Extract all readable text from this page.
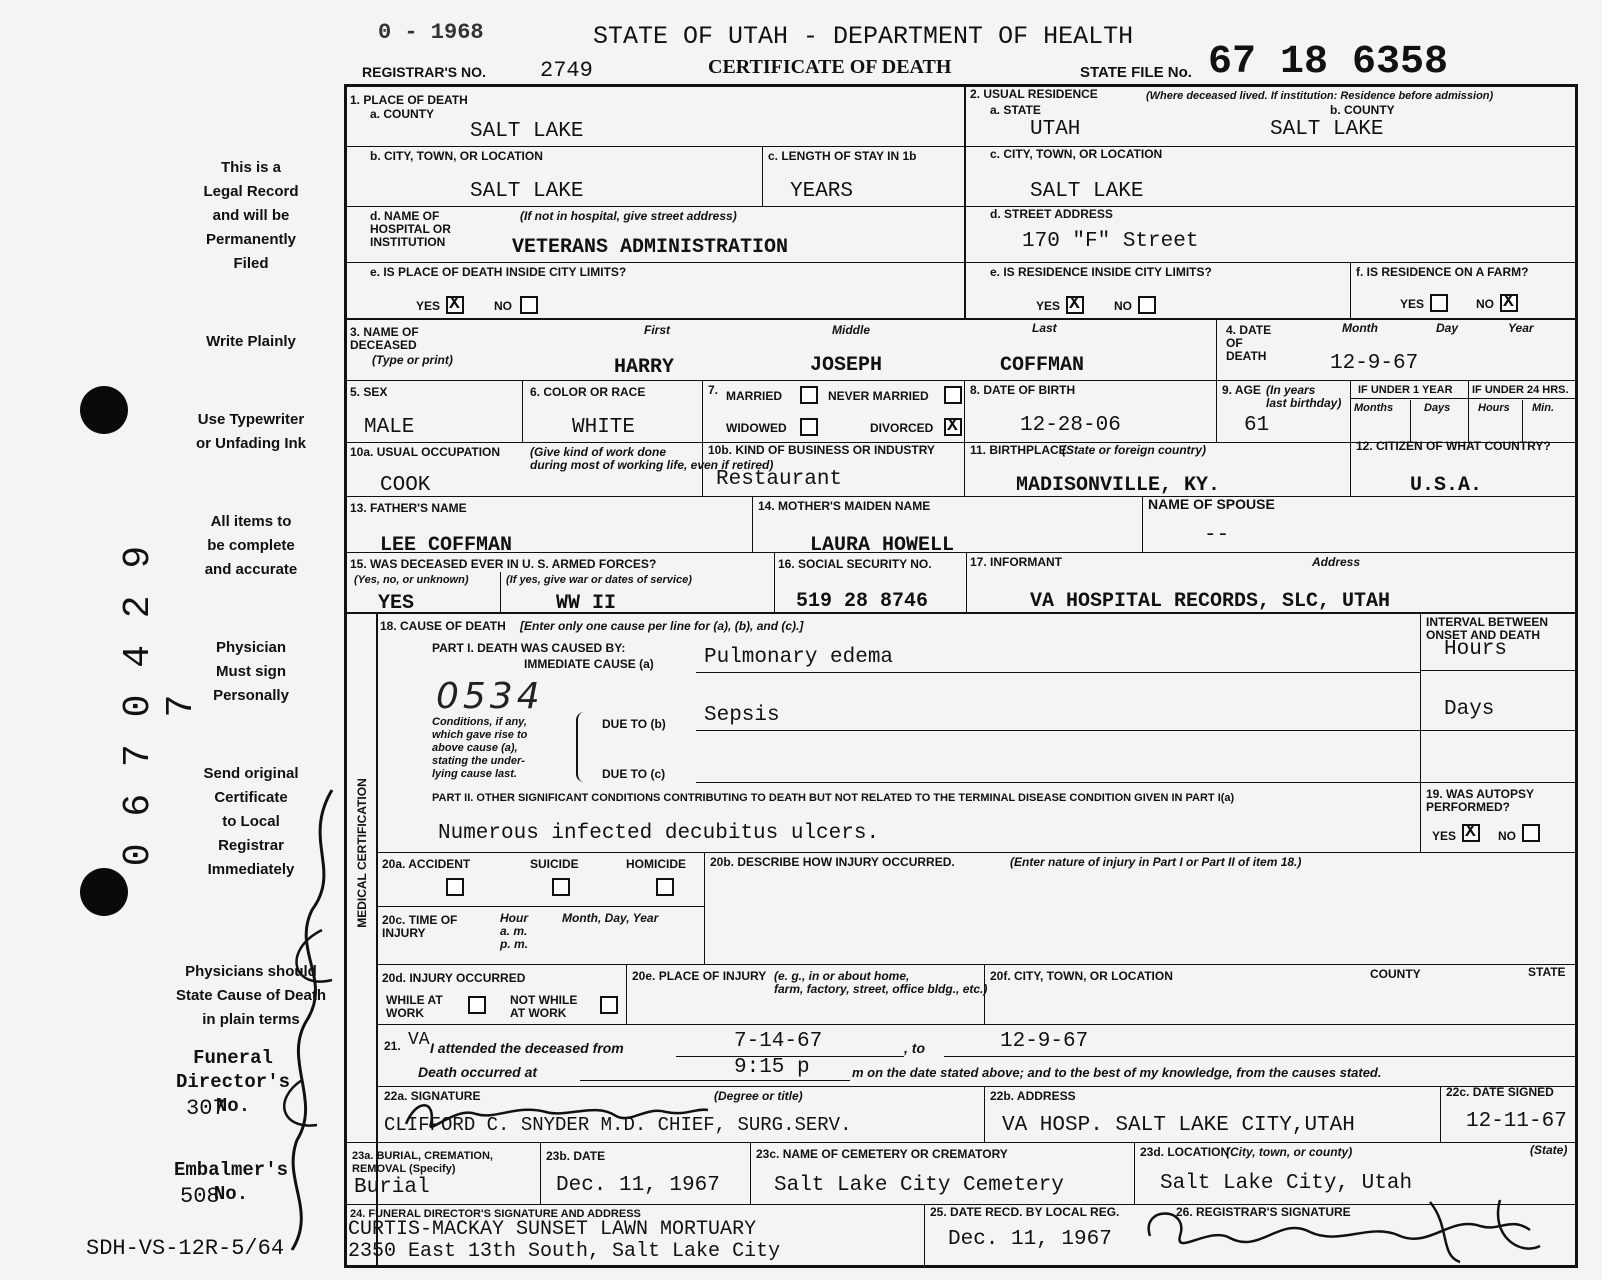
0 - 1968	STATE OF UTAH - DEPARTMENT OF HEALTH
REGISTRAR'S NO. 2749	CERTIFICATE OF DEATH	STATE FILE No. 67 18 6358
This is a
Legal Record
and will be
Permanently
Filed
Write Plainly
Use Typewriter
or Unfading Ink
All items to
be complete
and accurate
Physician
Must sign
Personally
Send original
Certificate
to Local
Registrar
Immediately
Physicians should
State Cause of Death
in plain terms
Funeral
Director's No.
307
Embalmer's No.
508
SDH-VS-12R-5/64
0 6 7 0 4 2 9 7
1. PLACE OF DEATH
a. COUNTY
SALT LAKE
b. CITY, TOWN, OR LOCATION
SALT LAKE
c. LENGTH OF STAY IN 1b
YEARS
d. NAME OF
HOSPITAL OR
INSTITUTION
(If not in hospital, give street address)
VETERANS ADMINISTRATION
e. IS PLACE OF DEATH INSIDE CITY LIMITS?
YES X	NO
2. USUAL RESIDENCE	(Where deceased lived. If institution: Residence before admission)
a. STATE	b. COUNTY
UTAH	SALT LAKE
c. CITY, TOWN, OR LOCATION
SALT LAKE
d. STREET ADDRESS
170 "F" Street
e. IS RESIDENCE INSIDE CITY LIMITS?
YES X	NO
f. IS RESIDENCE ON A FARM?
YES	NO X
3. NAME OF
DECEASED
(Type or print)
First	Middle	Last
HARRY	JOSEPH	COFFMAN
4. DATE
OF
DEATH
Month	Day	Year
12-9-67
5. SEX
MALE
6. COLOR OR RACE
WHITE
7. MARRIED	NEVER MARRIED
WIDOWED	DIVORCED X
8. DATE OF BIRTH
12-28-06
9. AGE (In years
last birthday)
61
IF UNDER 1 YEAR IF UNDER 24 HRS.
Months	Days	Hours Min.
10a. USUAL OCCUPATION	(Give kind of work done
during most of working life, even if retired)
COOK
10b. KIND OF BUSINESS OR INDUSTRY
Restaurant
11. BIRTHPLACE
(State or foreign country)
MADISONVILLE, KY.
12. CITIZEN OF WHAT COUNTRY?
U.S.A.
13. FATHER'S NAME
LEE COFFMAN
14. MOTHER'S MAIDEN NAME
LAURA HOWELL
NAME OF SPOUSE
--
15. WAS DECEASED EVER IN U. S. ARMED FORCES?
(Yes, no, or unknown)	(If yes, give war or dates of service)
YES	WW II
16. SOCIAL SECURITY NO.
519 28 8746
17. INFORMANT	Address
VA HOSPITAL RECORDS, SLC, UTAH
MEDICAL CERTIFICATION
18. CAUSE OF DEATH [Enter only one cause per line for (a), (b), and (c).]
PART I. DEATH WAS CAUSED BY:
IMMEDIATE CAUSE (a) Pulmonary edema
INTERVAL BETWEEN
ONSET AND DEATH
Hours
0534
Conditions, if any,
which gave rise to
above cause (a),
stating the under-
lying cause last.
DUE TO (b) Sepsis	Days
DUE TO (c)
PART II. OTHER SIGNIFICANT CONDITIONS CONTRIBUTING TO DEATH BUT NOT RELATED TO THE TERMINAL DISEASE CONDITION GIVEN IN PART I(a)
Numerous infected decubitus ulcers.
19. WAS AUTOPSY
PERFORMED?
YES X NO
20a. ACCIDENT	SUICIDE	HOMICIDE 20b. DESCRIBE HOW INJURY OCCURRED.	(Enter nature of injury in Part I or Part II of item 18.)
20c. TIME OF
INJURY
Hour
a. m.
p. m.
Month, Day, Year
20d. INJURY OCCURRED
WHILE AT
WORK
NOT WHILE
AT WORK
20e. PLACE OF INJURY (e. g., in or about home,
farm, factory, street, office bldg., etc.)
20f. CITY, TOWN, OR LOCATION	COUNTY	STATE
21. VA I attended the deceased from	7-14-67	, to	12-9-67
Death occurred at	9:15 p	m on the date stated above; and to the best of my knowledge, from the causes stated.
22a. SIGNATURE	(Degree or title)
CLIFFORD C. SNYDER M.D. CHIEF, SURG.SERV.
22b. ADDRESS
VA HOSP. SALT LAKE CITY,UTAH
22c. DATE SIGNED
12-11-67
23a. BURIAL, CREMATION,
REMOVAL (Specify)
Burial
23b. DATE
Dec. 11, 1967
23c. NAME OF CEMETERY OR CREMATORY
Salt Lake City Cemetery
23d. LOCATION
(City, town, or county)	(State)
Salt Lake City, Utah
24. FUNERAL DIRECTOR'S SIGNATURE AND ADDRESS
CURTIS-MACKAY SUNSET LAWN MORTUARY
2350 East 13th South, Salt Lake City
25. DATE RECD. BY LOCAL REG.
Dec. 11, 1967
26. REGISTRAR'S SIGNATURE
